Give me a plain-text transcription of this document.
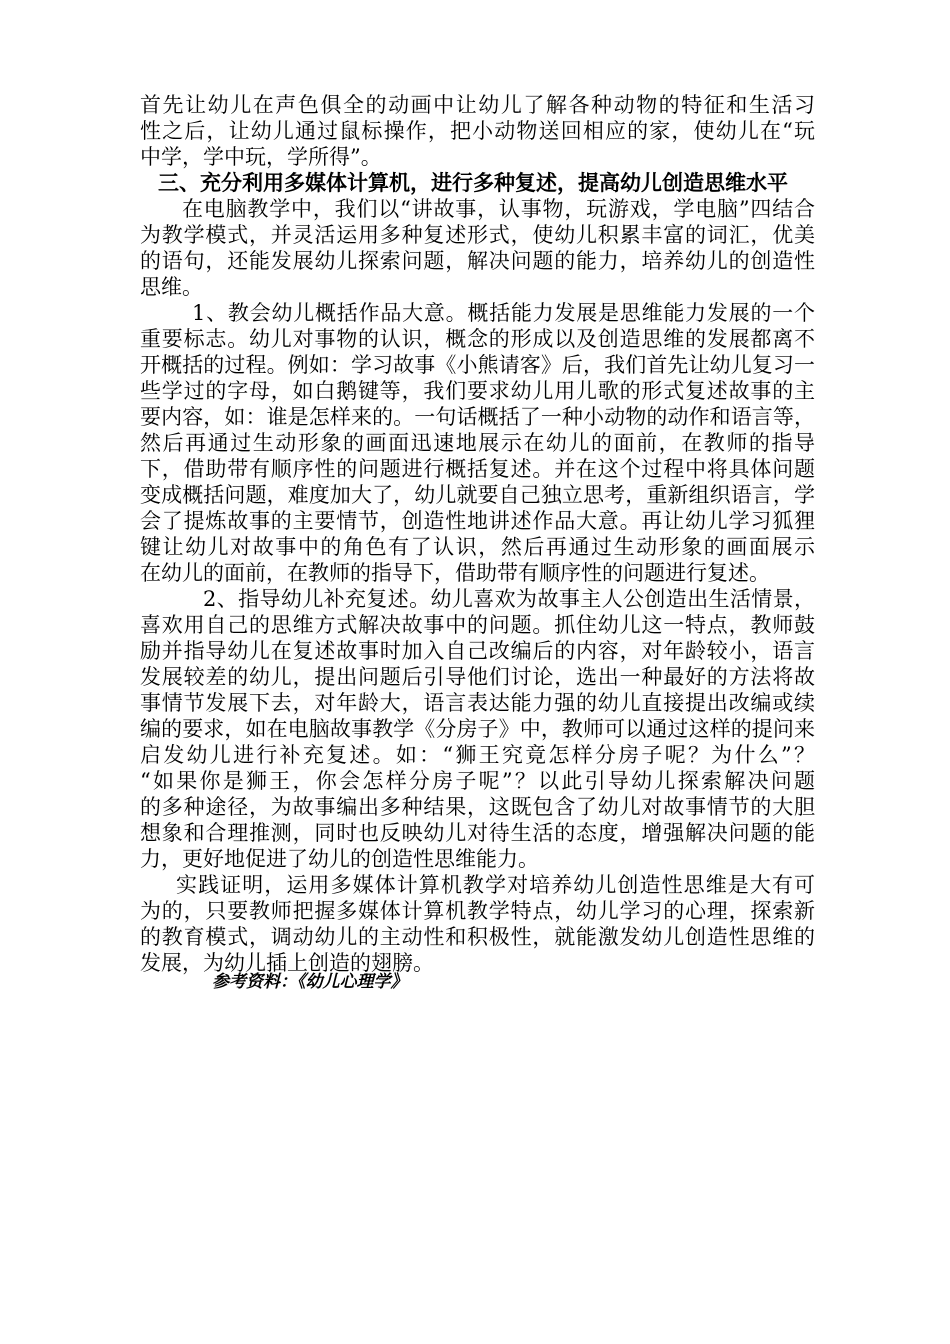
首先让幼儿在声色俱全的动画中让幼儿了解各种动物的特征和生活习
性之后，让幼儿通过鼠标操作，把小动物送回相应的家，使幼儿在“玩
中学，学中玩，学所得”。
三、充分利用多媒体计算机，进行多种复述，提高幼儿创造思维水平
在电脑教学中，我们以“讲故事，认事物，玩游戏，学电脑”四结合
为教学模式，并灵活运用多种复述形式，使幼儿积累丰富的词汇，优美
的语句，还能发展幼儿探索问题，解决问题的能力，培养幼儿的创造性
思维。
1、教会幼儿概括作品大意。概括能力发展是思维能力发展的一个
重要标志。幼儿对事物的认识，概念的形成以及创造思维的发展都离不
开概括的过程。例如：学习故事《小熊请客》后，我们首先让幼儿复习一
些学过的字母，如白鹅键等，我们要求幼儿用儿歌的形式复述故事的主
要内容，如：谁是怎样来的。一句话概括了一种小动物的动作和语言等，
然后再通过生动形象的画面迅速地展示在幼儿的面前，在教师的指导
下，借助带有顺序性的问题进行概括复述。并在这个过程中将具体问题
变成概括问题，难度加大了，幼儿就要自己独立思考，重新组织语言，学
会了提炼故事的主要情节，创造性地讲述作品大意。再让幼儿学习狐狸
键让幼儿对故事中的角色有了认识，然后再通过生动形象的画面展示
在幼儿的面前，在教师的指导下，借助带有顺序性的问题进行复述。
2、指导幼儿补充复述。幼儿喜欢为故事主人公创造出生活情景，
喜欢用自己的思维方式解决故事中的问题。抓住幼儿这一特点，教师鼓
励并指导幼儿在复述故事时加入自己改编后的内容，对年龄较小，语言
发展较差的幼儿，提出问题后引导他们讨论，选出一种最好的方法将故
事情节发展下去，对年龄大，语言表达能力强的幼儿直接提出改编或续
编的要求，如在电脑故事教学《分房子》中，教师可以通过这样的提问来
启发幼儿进行补充复述。如：“狮王究竟怎样分房子呢？为什么”？
“如果你是狮王，你会怎样分房子呢”？以此引导幼儿探索解决问题
的多种途径，为故事编出多种结果，这既包含了幼儿对故事情节的大胆
想象和合理推测，同时也反映幼儿对待生活的态度，增强解决问题的能
力，更好地促进了幼儿的创造性思维能力。
实践证明，运用多媒体计算机教学对培养幼儿创造性思维是大有可
为的，只要教师把握多媒体计算机教学特点，幼儿学习的心理，探索新
的教育模式，调动幼儿的主动性和积极性，就能激发幼儿创造性思维的
发展，为幼儿插上创造的翅膀。
参考资料：《幼儿心理学》
